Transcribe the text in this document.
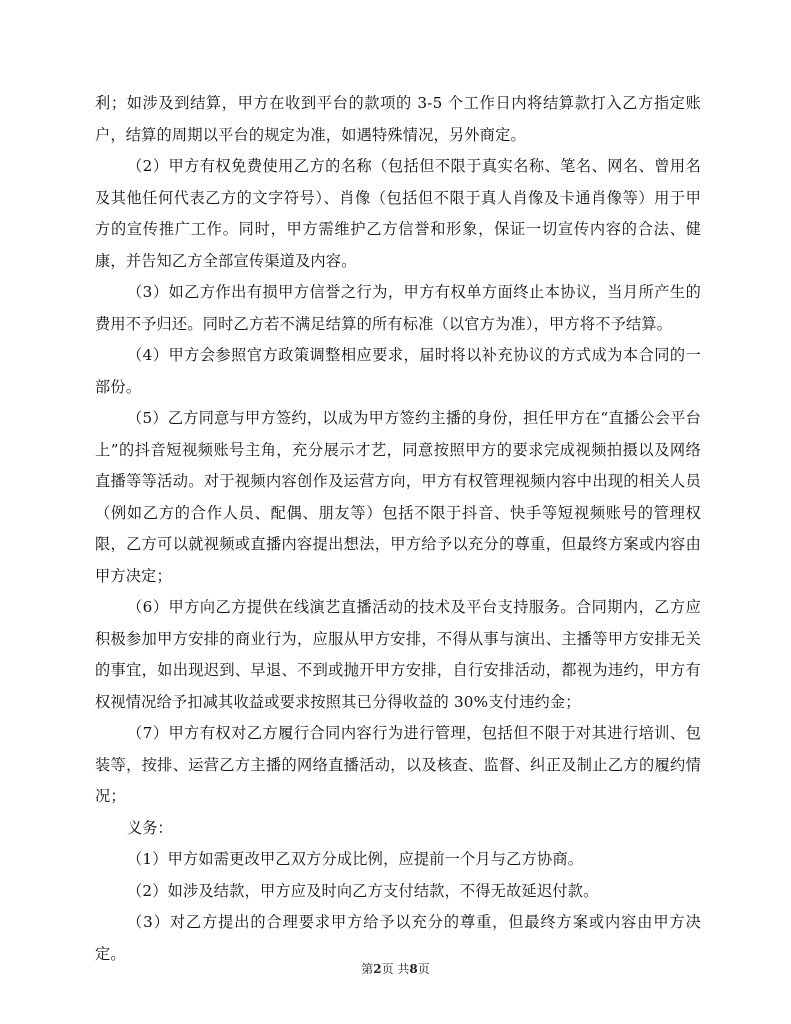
利；如涉及到结算，甲方在收到平台的款项的 3-5 个工作日内将结算款打入乙方指定账户，结算的周期以平台的规定为准，如遇特殊情况，另外商定。

（2）甲方有权免费使用乙方的名称（包括但不限于真实名称、笔名、网名、曾用名及其他任何代表乙方的文字符号）、肖像（包括但不限于真人肖像及卡通肖像等）用于甲方的宣传推广工作。同时，甲方需维护乙方信誉和形象，保证一切宣传内容的合法、健康，并告知乙方全部宣传渠道及内容。

（3）如乙方作出有损甲方信誉之行为，甲方有权单方面终止本协议，当月所产生的费用不予归还。同时乙方若不满足结算的所有标准（以官方为准），甲方将不予结算。

（4）甲方会参照官方政策调整相应要求，届时将以补充协议的方式成为本合同的一部份。

（5）乙方同意与甲方签约，以成为甲方签约主播的身份，担任甲方在“直播公会平台上”的抖音短视频账号主角，充分展示才艺，同意按照甲方的要求完成视频拍摄以及网络直播等等活动。对于视频内容创作及运营方向，甲方有权管理视频内容中出现的相关人员（例如乙方的合作人员、配偶、朋友等）包括不限于抖音、快手等短视频账号的管理权限，乙方可以就视频或直播内容提出想法，甲方给予以充分的尊重，但最终方案或内容由甲方决定；

（6）甲方向乙方提供在线演艺直播活动的技术及平台支持服务。合同期内，乙方应积极参加甲方安排的商业行为，应服从甲方安排，不得从事与演出、主播等甲方安排无关的事宜，如出现迟到、早退、不到或抛开甲方安排，自行安排活动，都视为违约，甲方有权视情况给予扣减其收益或要求按照其已分得收益的 30%支付违约金；

（7）甲方有权对乙方履行合同内容行为进行管理，包括但不限于对其进行培训、包装等，按排、运营乙方主播的网络直播活动，以及核查、监督、纠正及制止乙方的履约情况；

义务：

（1）甲方如需更改甲乙双方分成比例，应提前一个月与乙方协商。

（2）如涉及结款，甲方应及时向乙方支付结款，不得无故延迟付款。

（3）对乙方提出的合理要求甲方给予以充分的尊重，但最终方案或内容由甲方决定。

第2页 共8页
